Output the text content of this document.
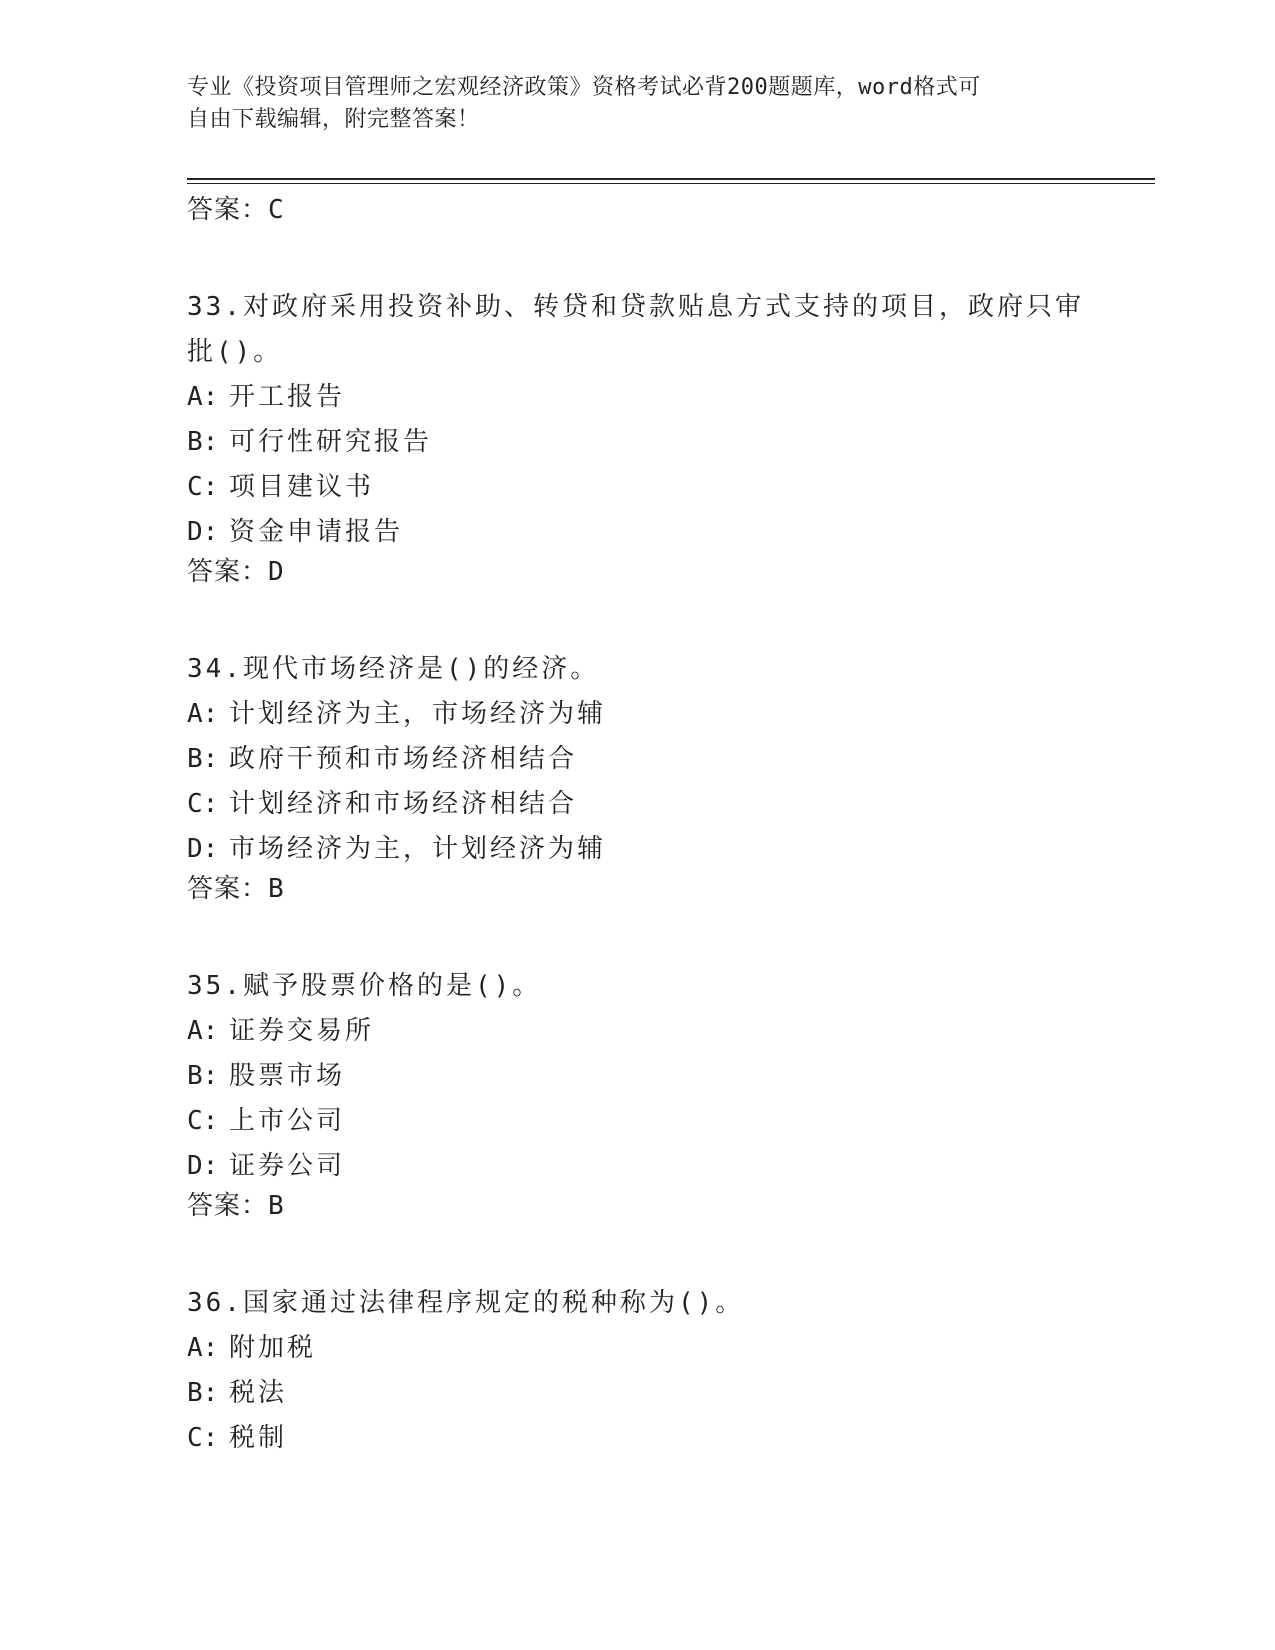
专业《投资项目管理师之宏观经济政策》资格考试必背200题题库，word格式可
自由下载编辑，附完整答案！
答案：C
33.对政府采用投资补助、转贷和贷款贴息方式支持的项目，政府只审
批()。
A: 开工报告
B: 可行性研究报告
C: 项目建议书
D: 资金申请报告
答案：D
34.现代市场经济是()的经济。
A: 计划经济为主，市场经济为辅
B: 政府干预和市场经济相结合
C: 计划经济和市场经济相结合
D: 市场经济为主，计划经济为辅
答案：B
35.赋予股票价格的是()。
A: 证券交易所
B: 股票市场
C: 上市公司
D: 证券公司
答案：B
36.国家通过法律程序规定的税种称为()。
A: 附加税
B: 税法
C: 税制
